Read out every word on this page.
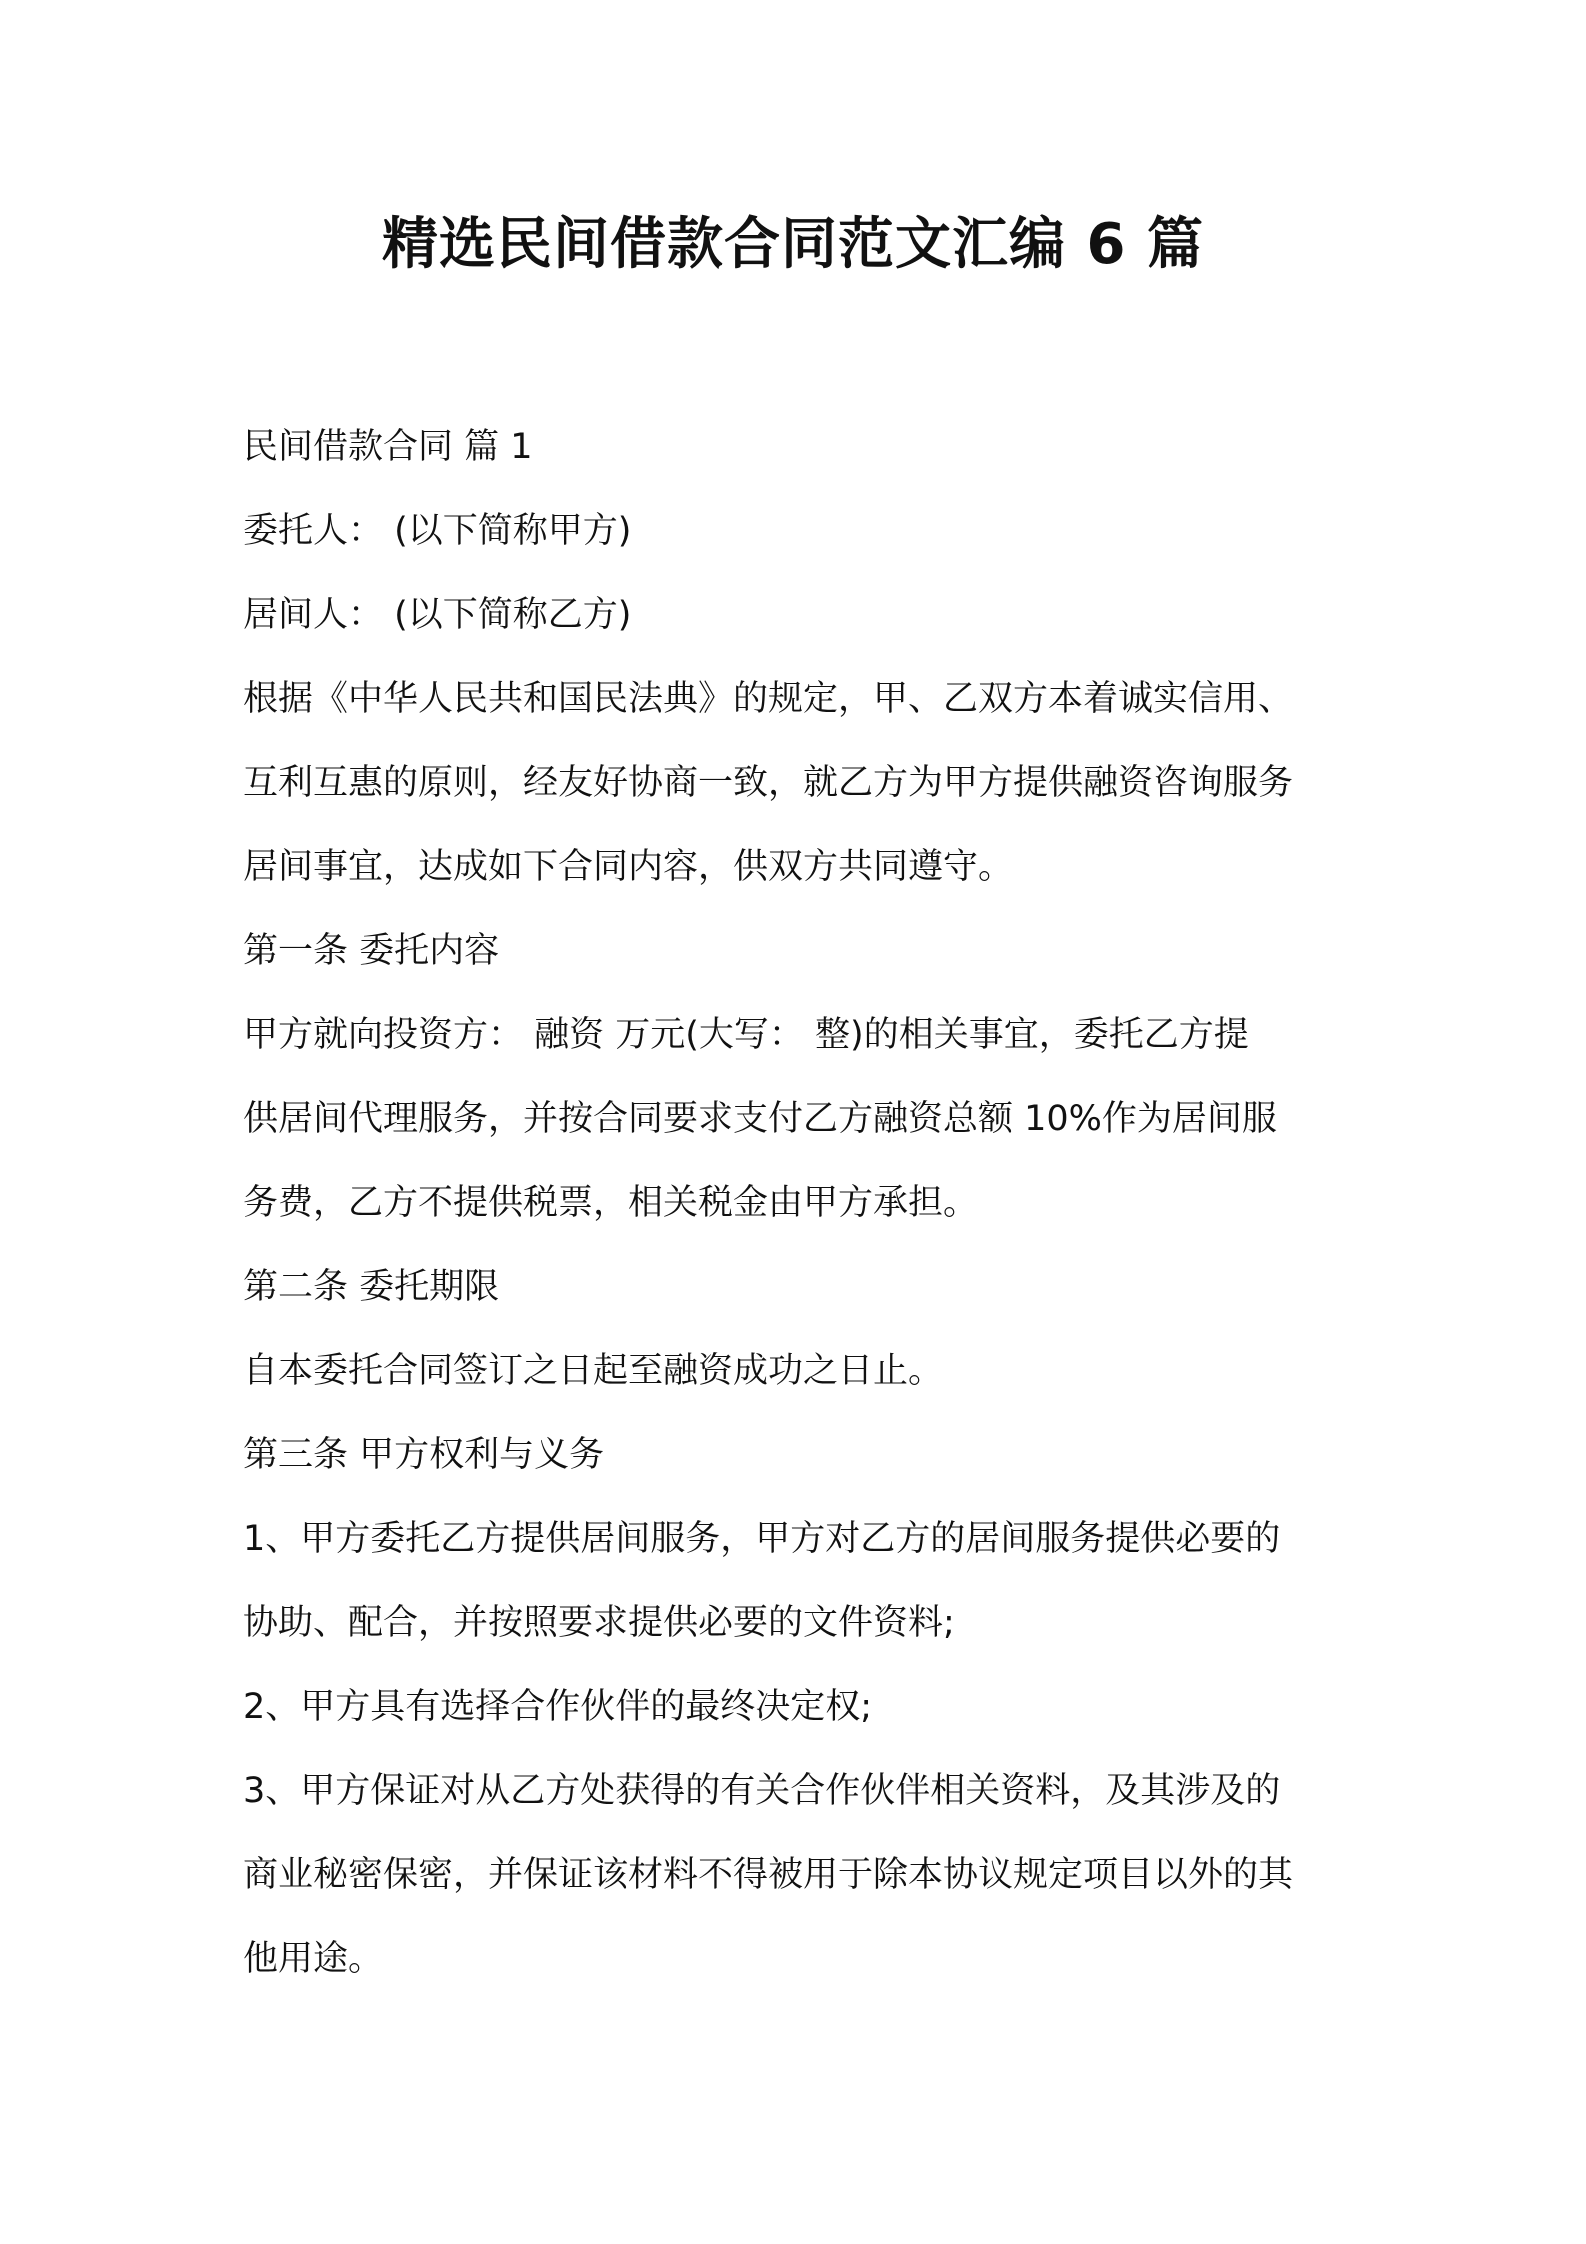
精选民间借款合同范文汇编 6 篇

民间借款合同 篇 1

委托人： (以下简称甲方)

居间人： (以下简称乙方)

根据《中华人民共和国民法典》的规定，甲、乙双方本着诚实信用、

互利互惠的原则，经友好协商一致，就乙方为甲方提供融资咨询服务

居间事宜，达成如下合同内容，供双方共同遵守。

第一条 委托内容

甲方就向投资方： 融资 万元(大写： 整)的相关事宜，委托乙方提

供居间代理服务，并按合同要求支付乙方融资总额 10%作为居间服

务费，乙方不提供税票，相关税金由甲方承担。

第二条 委托期限

自本委托合同签订之日起至融资成功之日止。

第三条 甲方权利与义务

1、甲方委托乙方提供居间服务，甲方对乙方的居间服务提供必要的

协助、配合，并按照要求提供必要的文件资料;

2、甲方具有选择合作伙伴的最终决定权;

3、甲方保证对从乙方处获得的有关合作伙伴相关资料，及其涉及的

商业秘密保密，并保证该材料不得被用于除本协议规定项目以外的其

他用途。
